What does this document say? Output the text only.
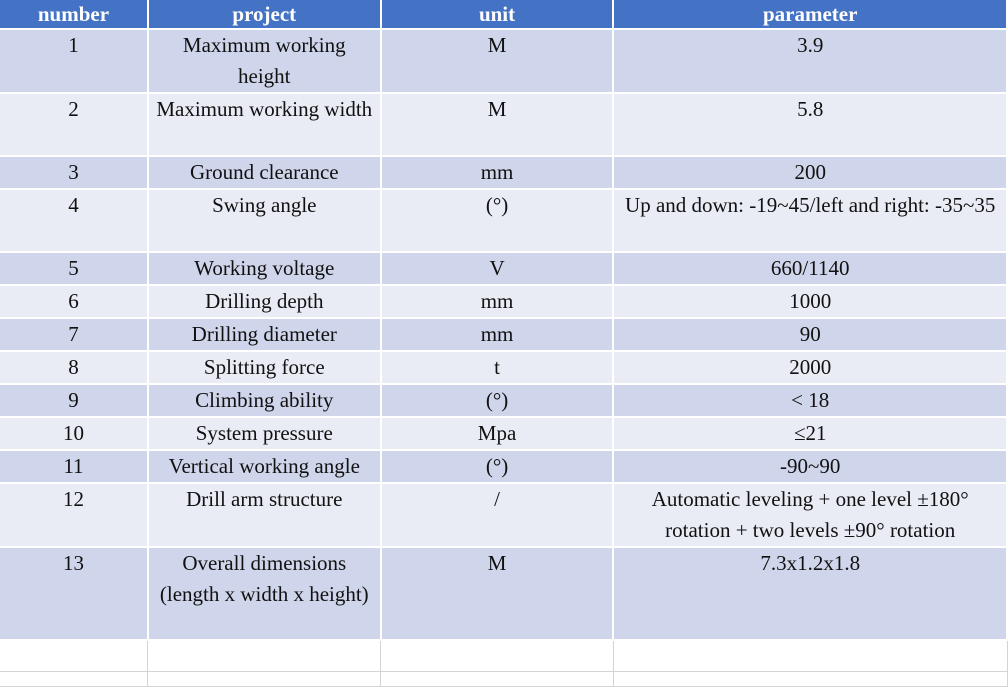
number	project	unit	parameter
1	Maximum working height	M	3.9
2	Maximum working width	M	5.8
3	Ground clearance	mm	200
4	Swing angle	(°)	Up and down: -19~45/left and right: -35~35
5	Working voltage	V	660/1140
6	Drilling depth	mm	1000
7	Drilling diameter	mm	90
8	Splitting force	t	2000
9	Climbing ability	(°)	< 18
10	System pressure	Mpa	≤21
11	Vertical working angle	(°)	-90~90
12	Drill arm structure	/	Automatic leveling + one level ±180° rotation + two levels ±90° rotation
13	Overall dimensions (length x width x height)	M	7.3x1.2x1.8
